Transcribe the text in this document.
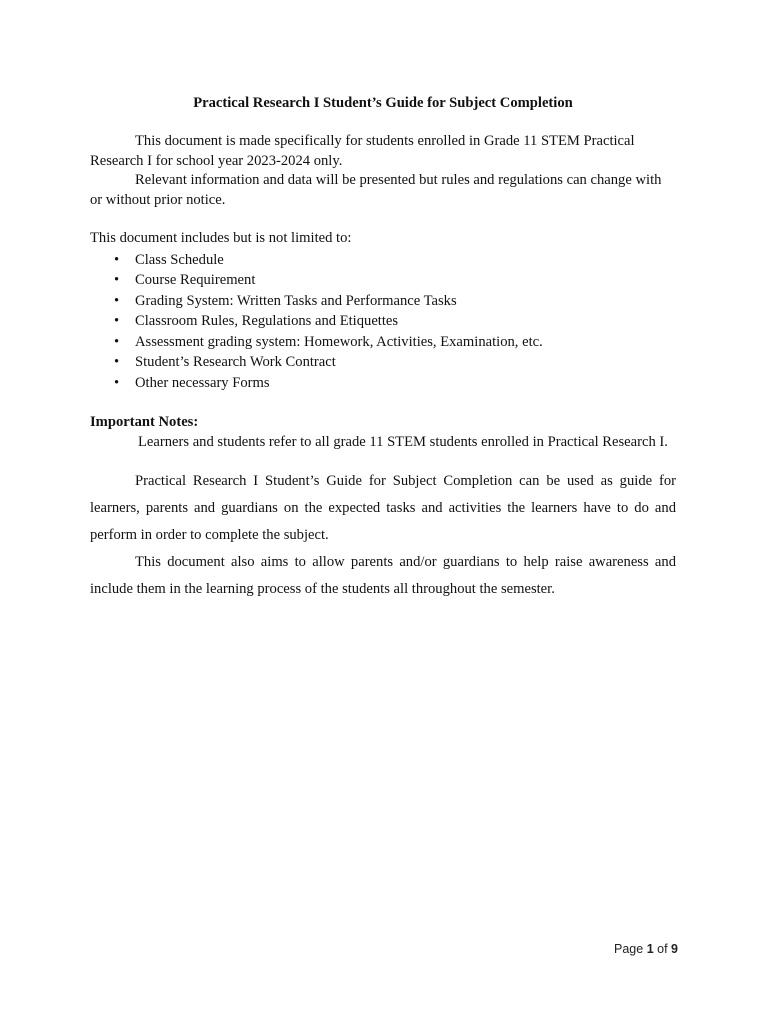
Practical Research I Student’s Guide for Subject Completion

This document is made specifically for students enrolled in Grade 11 STEM Practical Research I for school year 2023-2024 only.

Relevant information and data will be presented but rules and regulations can change with or without prior notice.

This document includes but is not limited to:

• Class Schedule
• Course Requirement
• Grading System: Written Tasks and Performance Tasks
• Classroom Rules, Regulations and Etiquettes
• Assessment grading system: Homework, Activities, Examination, etc.
• Student’s Research Work Contract
• Other necessary Forms

Important Notes:

Learners and students refer to all grade 11 STEM students enrolled in Practical Research I.

Practical Research I Student’s Guide for Subject Completion can be used as guide for learners, parents and guardians on the expected tasks and activities the learners have to do and perform in order to complete the subject.

This document also aims to allow parents and/or guardians to help raise awareness and include them in the learning process of the students all throughout the semester.

Page 1 of 9
